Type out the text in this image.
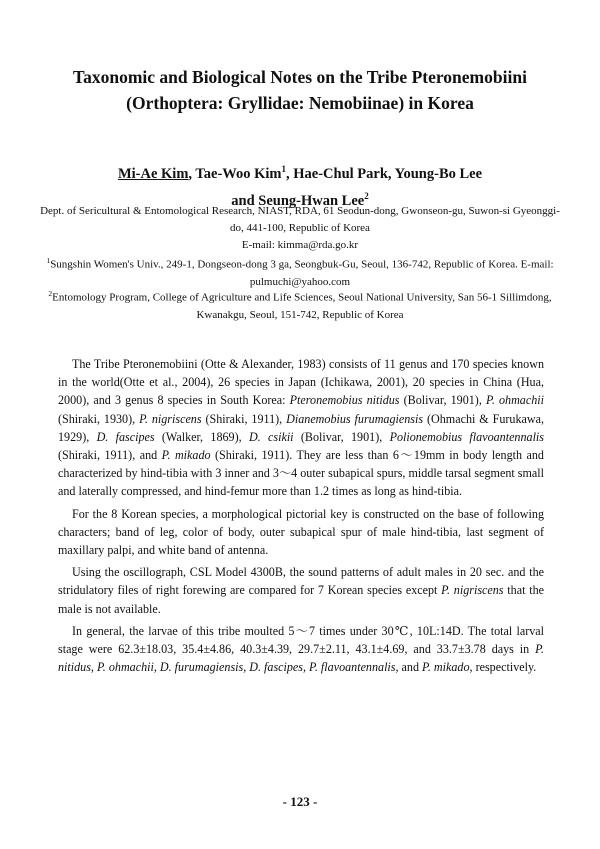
Taxonomic and Biological Notes on the Tribe Pteronemobiini
(Orthoptera: Gryllidae: Nemobiinae) in Korea
Mi-Ae Kim, Tae-Woo Kim$^1$, Hae-Chul Park, Young-Bo Lee
and Seung-Hwan Lee$^2$
Dept. of Sericultural & Entomological Research, NIAST, RDA, 61 Seodun-dong, Gwonseon-gu, Suwon-si Gyeonggi-do, 441-100, Republic of Korea
E-mail: kimma@rda.go.kr
$^1$Sungshin Women's Univ., 249-1, Dongseon-dong 3 ga, Seongbuk-Gu, Seoul, 136-742, Republic of Korea. E-mail: pulmuchi@yahoo.com
$^2$Entomology Program, College of Agriculture and Life Sciences, Seoul National University, San 56-1 Sillimdong, Kwanakgu, Seoul, 151-742, Republic of Korea

The Tribe Pteronemobiini (Otte & Alexander, 1983) consists of 11 genus and 170 species known in the world(Otte et al., 2004), 26 species in Japan (Ichikawa, 2001), 20 species in China (Hua, 2000), and 3 genus 8 species in South Korea: Pteronemobius nitidus (Bolivar, 1901), P. ohmachii (Shiraki, 1930), P. nigriscens (Shiraki, 1911), Dianemobius furumagiensis (Ohmachi & Furukawa, 1929), D. fascipes (Walker, 1869), D. csikii (Bolivar, 1901), Polionemobius flavoantennalis (Shiraki, 1911), and P. mikado (Shiraki, 1911). They are less than 6～19mm in body length and characterized by hind-tibia with 3 inner and 3～4 outer subapical spurs, middle tarsal segment small and laterally compressed, and hind-femur more than 1.2 times as long as hind-tibia.

For the 8 Korean species, a morphological pictorial key is constructed on the base of following characters; band of leg, color of body, outer subapical spur of male hind-tibia, last segment of maxillary palpi, and white band of antenna.

Using the oscillograph, CSL Model 4300B, the sound patterns of adult males in 20 sec. and the stridulatory files of right forewing are compared for 7 Korean species except P. nigriscens that the male is not available.

In general, the larvae of this tribe moulted 5～7 times under 30℃, 10L:14D. The total larval stage were 62.3±18.03, 35.4±4.86, 40.3±4.39, 29.7±2.11, 43.1±4.69, and 33.7±3.78 days in P. nitidus, P. ohmachii, D. furumagiensis, D. fascipes, P. flavoantennalis, and P. mikado, respectively.

- 123 -
